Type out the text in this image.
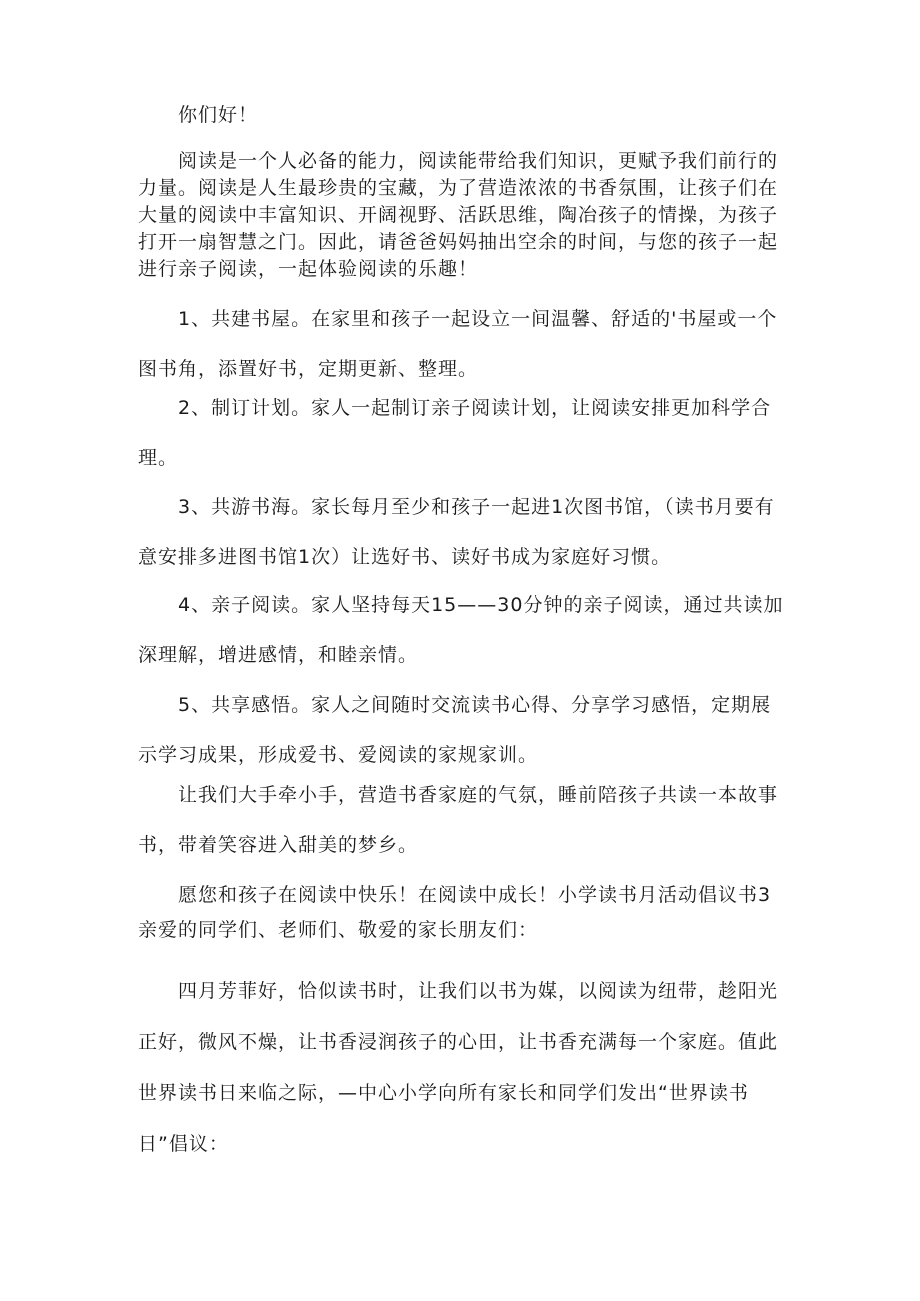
　　你们好！

　　阅读是一个人必备的能力，阅读能带给我们知识，更赋予我们前行的力量。阅读是人生最珍贵的宝藏，为了营造浓浓的书香氛围，让孩子们在大量的阅读中丰富知识、开阔视野、活跃思维，陶冶孩子的情操，为孩子打开一扇智慧之门。因此，请爸爸妈妈抽出空余的时间，与您的孩子一起进行亲子阅读，一起体验阅读的乐趣！

　　1、共建书屋。在家里和孩子一起设立一间温馨、舒适的'书屋或一个图书角，添置好书，定期更新、整理。

　　2、制订计划。家人一起制订亲子阅读计划，让阅读安排更加科学合理。

　　3、共游书海。家长每月至少和孩子一起进1次图书馆，（读书月要有意安排多进图书馆1次）让选好书、读好书成为家庭好习惯。

　　4、亲子阅读。家人坚持每天15——30分钟的亲子阅读，通过共读加深理解，增进感情，和睦亲情。

　　5、共享感悟。家人之间随时交流读书心得、分享学习感悟，定期展示学习成果，形成爱书、爱阅读的家规家训。

　　让我们大手牵小手，营造书香家庭的气氛，睡前陪孩子共读一本故事书，带着笑容进入甜美的梦乡。

　　愿您和孩子在阅读中快乐！在阅读中成长！小学读书月活动倡议书3亲爱的同学们、老师们、敬爱的家长朋友们：

　　四月芳菲好，恰似读书时，让我们以书为媒，以阅读为纽带，趁阳光正好，微风不燥，让书香浸润孩子的心田，让书香充满每一个家庭。值此世界读书日来临之际，—中心小学向所有家长和同学们发出“世界读书日”倡议：
